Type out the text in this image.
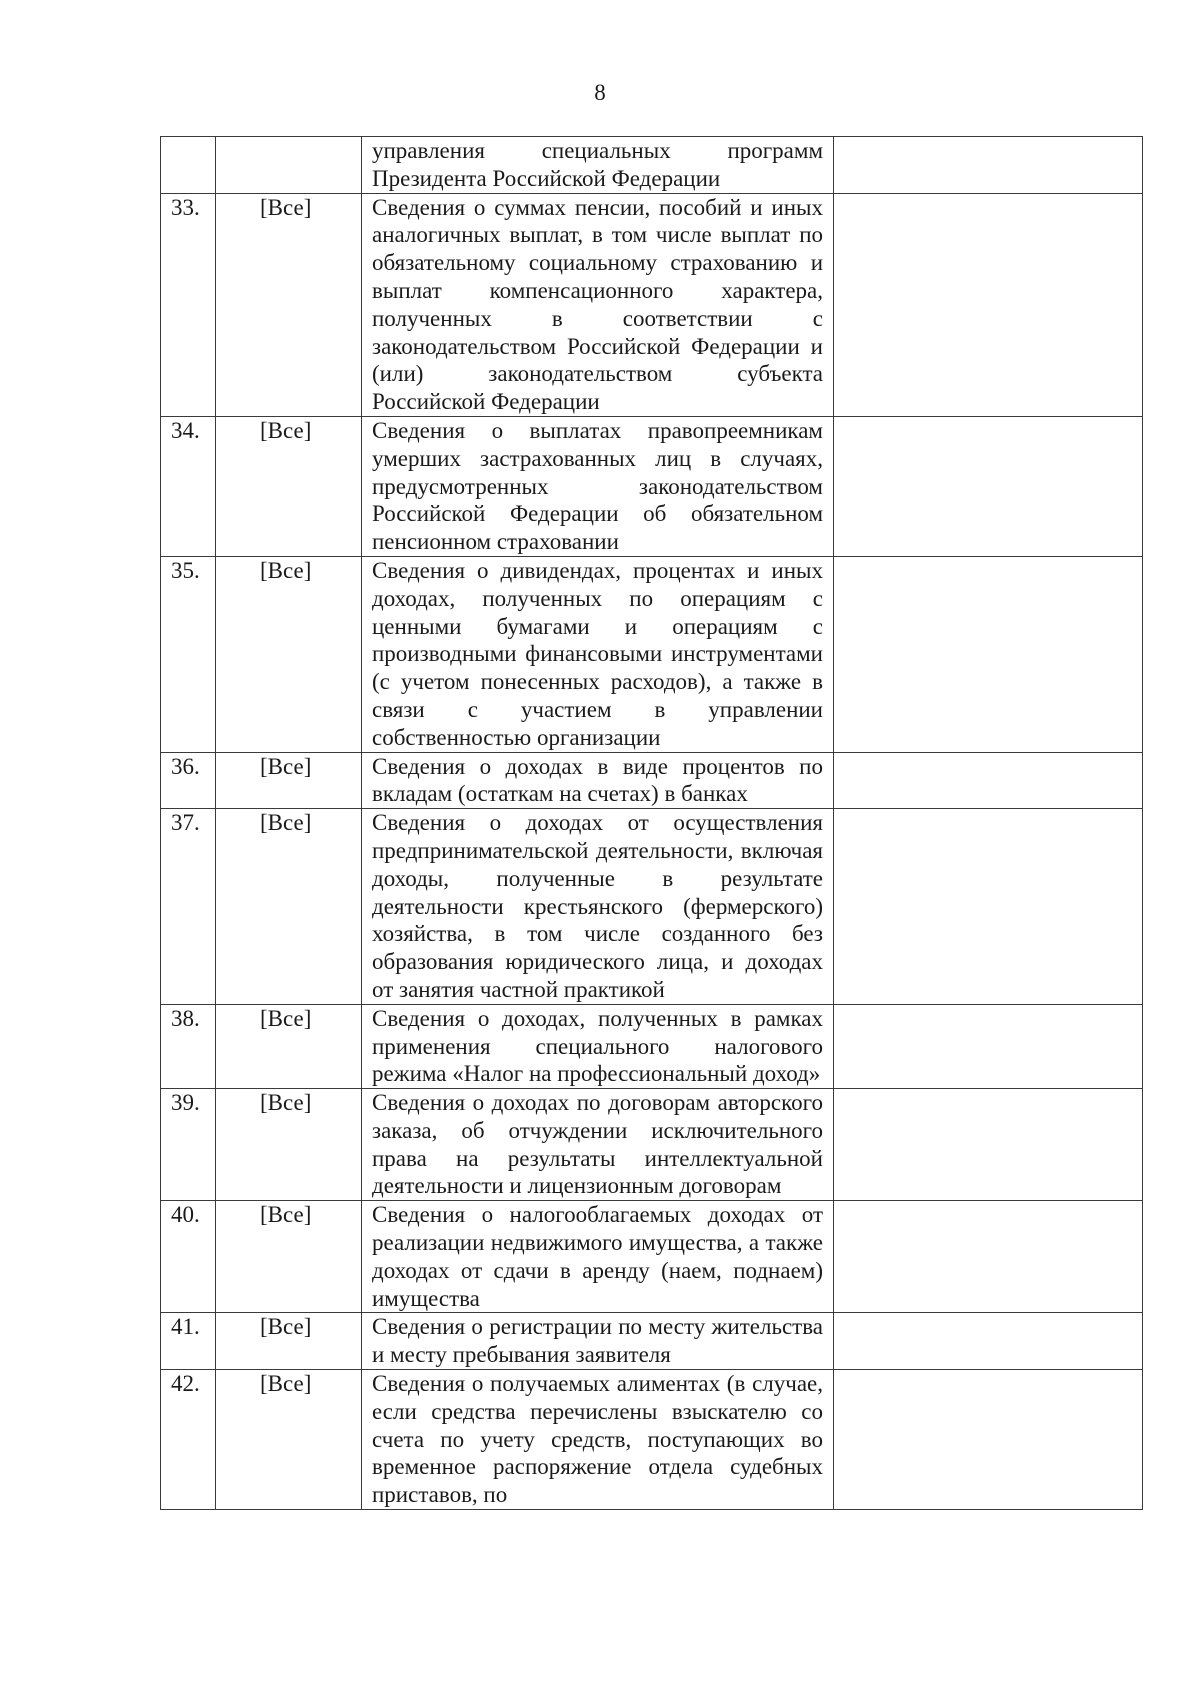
8
		управления специальных программ Президента Российской Федерации	
33.	[Все]	Сведения о суммах пенсии, пособий и иных аналогичных выплат, в том числе выплат по обязательному социальному страхованию и выплат компенсационного характера, полученных в соответствии с законодательством Российской Федерации и (или) законодательством субъекта Российской Федерации	
34.	[Все]	Сведения о выплатах правопреемникам умерших застрахованных лиц в случаях, предусмотренных законодательством Российской Федерации об обязательном пенсионном страховании	
35.	[Все]	Сведения о дивидендах, процентах и иных доходах, полученных по операциям с ценными бумагами и операциям с производными финансовыми инструментами (с учетом понесенных расходов), а также в связи с участием в управлении собственностью организации	
36.	[Все]	Сведения о доходах в виде процентов по вкладам (остаткам на счетах) в банках	
37.	[Все]	Сведения о доходах от осуществления предпринимательской деятельности, включая доходы, полученные в результате деятельности крестьянского (фермерского) хозяйства, в том числе созданного без образования юридического лица, и доходах от занятия частной практикой	
38.	[Все]	Сведения о доходах, полученных в рамках применения специального налогового режима «Налог на профессиональный доход»	
39.	[Все]	Сведения о доходах по договорам авторского заказа, об отчуждении исключительного права на результаты интеллектуальной деятельности и лицензионным договорам	
40.	[Все]	Сведения о налогооблагаемых доходах от реализации недвижимого имущества, а также доходах от сдачи в аренду (наем, поднаем) имущества	
41.	[Все]	Сведения о регистрации по месту жительства и месту пребывания заявителя	
42.	[Все]	Сведения о получаемых алиментах (в случае, если средства перечислены взыскателю со счета по учету средств, поступающих во временное распоряжение отдела судебных приставов, по	
